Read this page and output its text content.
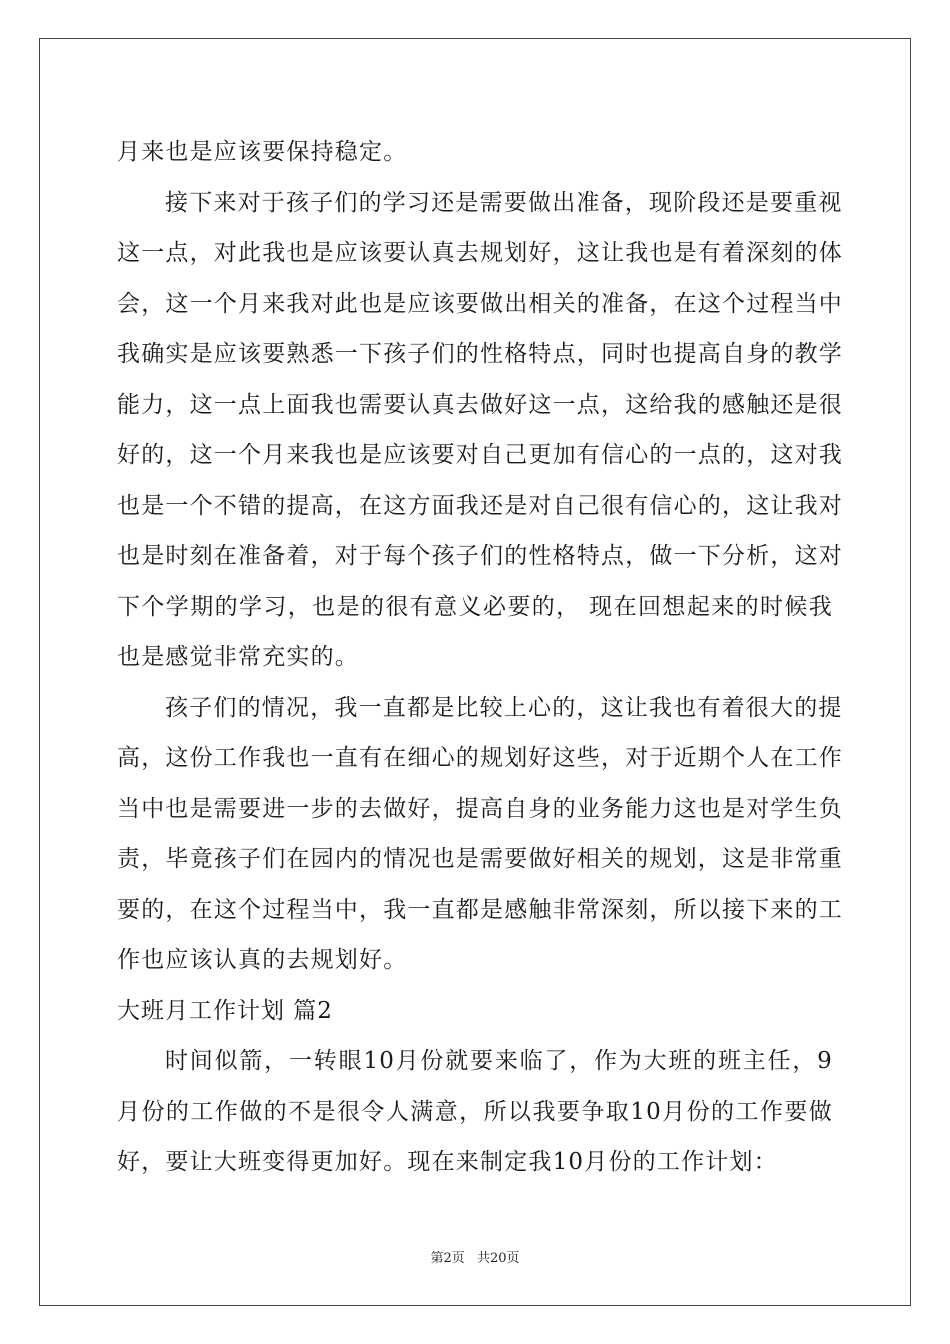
月来也是应该要保持稳定。
接下来对于孩子们的学习还是需要做出准备，现阶段还是要重视
这一点，对此我也是应该要认真去规划好，这让我也是有着深刻的体
会，这一个月来我对此也是应该要做出相关的准备，在这个过程当中
我确实是应该要熟悉一下孩子们的性格特点，同时也提高自身的教学
能力，这一点上面我也需要认真去做好这一点，这给我的感触还是很
好的，这一个月来我也是应该要对自己更加有信心的一点的，这对我
也是一个不错的提高，在这方面我还是对自己很有信心的，这让我对
也是时刻在准备着，对于每个孩子们的性格特点，做一下分析，这对
下个学期的学习，也是的很有意义必要的， 现在回想起来的时候我
也是感觉非常充实的。
孩子们的情况，我一直都是比较上心的，这让我也有着很大的提
高，这份工作我也一直有在细心的规划好这些，对于近期个人在工作
当中也是需要进一步的去做好，提高自身的业务能力这也是对学生负
责，毕竟孩子们在园内的情况也是需要做好相关的规划，这是非常重
要的，在这个过程当中，我一直都是感触非常深刻，所以接下来的工
作也应该认真的去规划好。
大班月工作计划 篇2
时间似箭，一转眼10月份就要来临了，作为大班的班主任，9
月份的工作做的不是很令人满意，所以我要争取10月份的工作要做
好，要让大班变得更加好。现在来制定我10月份的工作计划：
第2页 共20页
